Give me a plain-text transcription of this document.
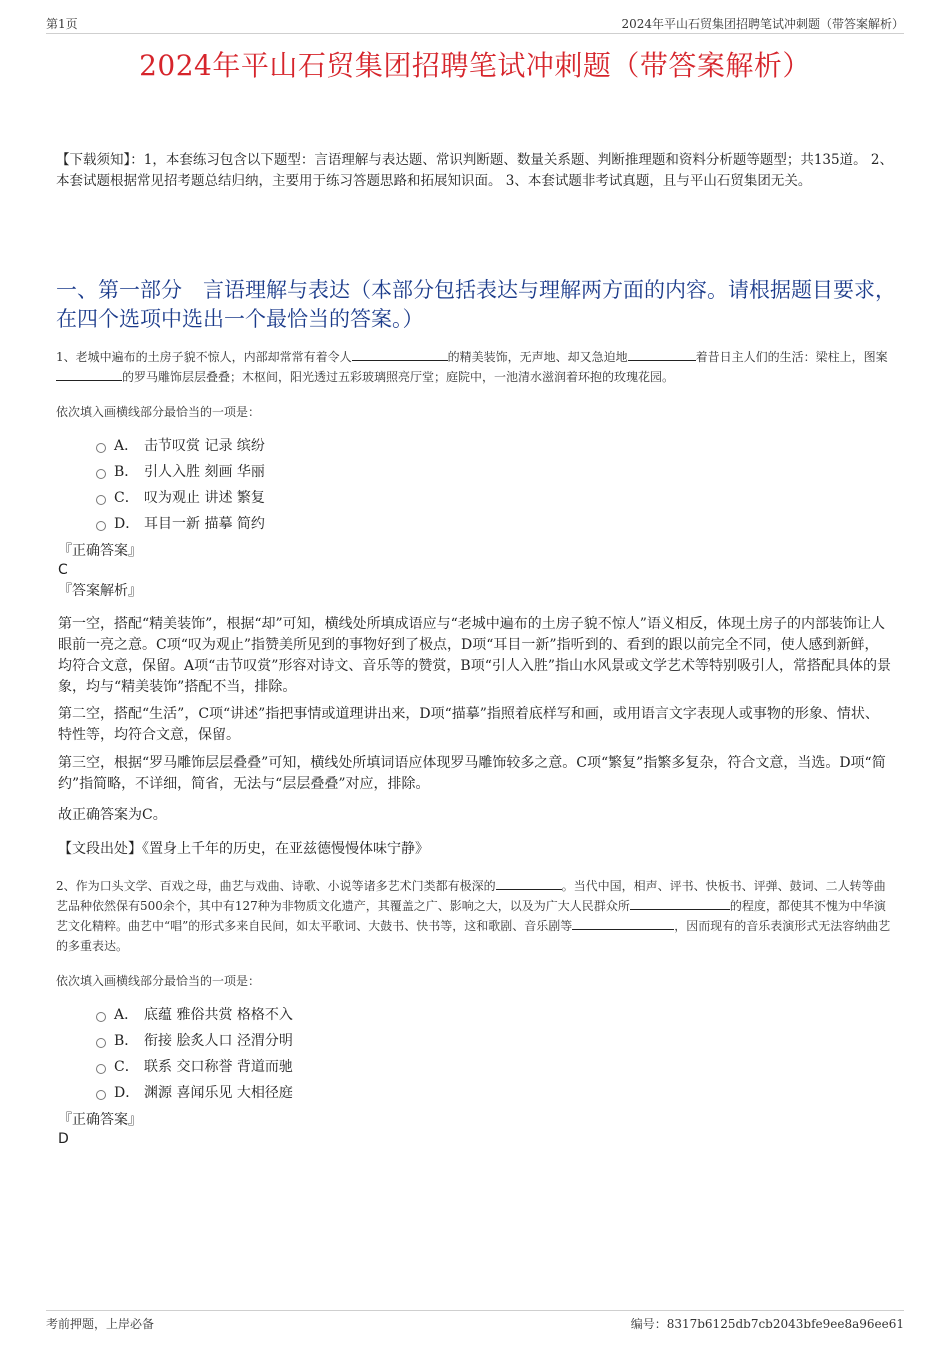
第1页	2024年平山石贸集团招聘笔试冲刺题（带答案解析）
2024年平山石贸集团招聘笔试冲刺题（带答案解析）
【下载须知】：1，本套练习包含以下题型：言语理解与表达题、常识判断题、数量关系题、判断推理题和资料分析题等题型；共135道。 2、本套试题根据常见招考题总结归纳，主要用于练习答题思路和拓展知识面。 3、本套试题非考试真题，且与平山石贸集团无关。
一、第一部分　言语理解与表达（本部分包括表达与理解两方面的内容。请根据题目要求，在四个选项中选出一个最恰当的答案。）
1、老城中遍布的土房子貌不惊人，内部却常常有着令人	的精美装饰，无声地、却又急迫地	着昔日主人们的生活：梁柱上，图案的罗马雕饰层层叠叠；木枢间，阳光透过五彩玻璃照亮厅堂；庭院中，一池清水滋润着环抱的玫瑰花园。
依次填入画横线部分最恰当的一项是：
A． 击节叹赏 记录 缤纷
B． 引人入胜 刻画 华丽
C． 叹为观止 讲述 繁复
D． 耳目一新 描摹 简约
『正确答案』
C
『答案解析』
第一空，搭配“精美装饰”，根据“却”可知，横线处所填成语应与“老城中遍布的土房子貌不惊人”语义相反，体现土房子的内部装饰让人眼前一亮之意。C项“叹为观止”指赞美所见到的事物好到了极点，D项“耳目一新”指听到的、看到的跟以前完全不同，使人感到新鲜，均符合文意，保留。A项“击节叹赏”形容对诗文、音乐等的赞赏，B项“引人入胜”指山水风景或文学艺术等特别吸引人，常搭配具体的景象，均与“精美装饰”搭配不当，排除。
第二空，搭配“生活”，C项“讲述”指把事情或道理讲出来，D项“描摹”指照着底样写和画，或用语言文字表现人或事物的形象、情状、特性等，均符合文意，保留。
第三空，根据“罗马雕饰层层叠叠”可知，横线处所填词语应体现罗马雕饰较多之意。C项“繁复”指繁多复杂，符合文意，当选。D项“简约”指简略，不详细，简省，无法与“层层叠叠”对应，排除。
故正确答案为C。
【文段出处】《置身上千年的历史，在亚兹德慢慢体味宁静》
2、作为口头文学、百戏之母，曲艺与戏曲、诗歌、小说等诸多艺术门类都有极深的	。当代中国，相声、评书、快板书、评弹、鼓词、二人转等曲艺品种依然保有500余个，其中有127种为非物质文化遗产，其覆盖之广、影响之大，以及为广大人民群众所	的程度，都使其不愧为中华演艺文化精粹。曲艺中“唱”的形式多来自民间，如太平歌词、大鼓书、快书等，这和歌剧、音乐剧等	，因而现有的音乐表演形式无法容纳曲艺的多重表达。
依次填入画横线部分最恰当的一项是：
A． 底蕴 雅俗共赏 格格不入
B． 衔接 脍炙人口 泾渭分明
C． 联系 交口称誉 背道而驰
D． 渊源 喜闻乐见 大相径庭
『正确答案』
D
考前押题，上岸必备	编号：8317b6125db7cb2043bfe9ee8a96ee61
